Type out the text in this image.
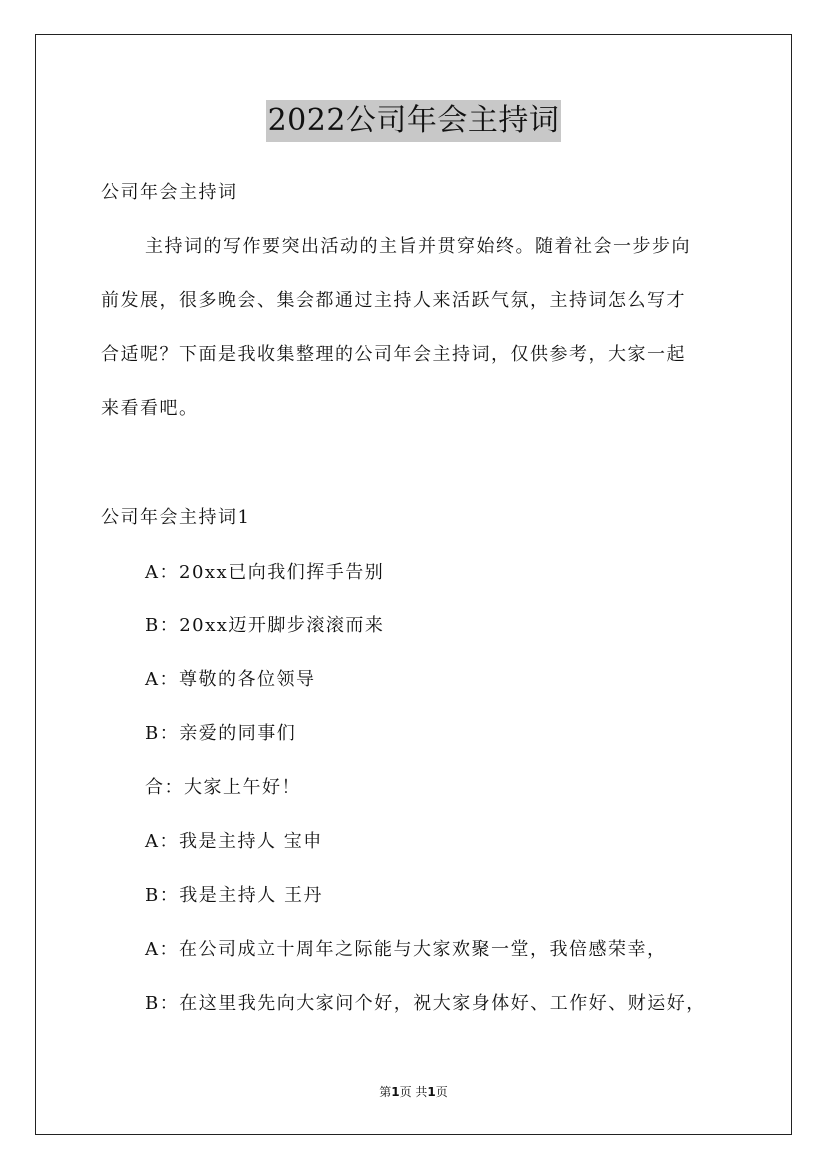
2022公司年会主持词
公司年会主持词
主持词的写作要突出活动的主旨并贯穿始终。随着社会一步步向
前发展，很多晚会、集会都通过主持人来活跃气氛，主持词怎么写才
合适呢？下面是我收集整理的公司年会主持词，仅供参考，大家一起
来看看吧。
公司年会主持词1
A：20xx已向我们挥手告别
B：20xx迈开脚步滚滚而来
A：尊敬的各位领导
B：亲爱的同事们
合：大家上午好！
A：我是主持人 宝申
B：我是主持人 王丹
A：在公司成立十周年之际能与大家欢聚一堂，我倍感荣幸，
B：在这里我先向大家问个好，祝大家身体好、工作好、财运好，
第1页 共1页
